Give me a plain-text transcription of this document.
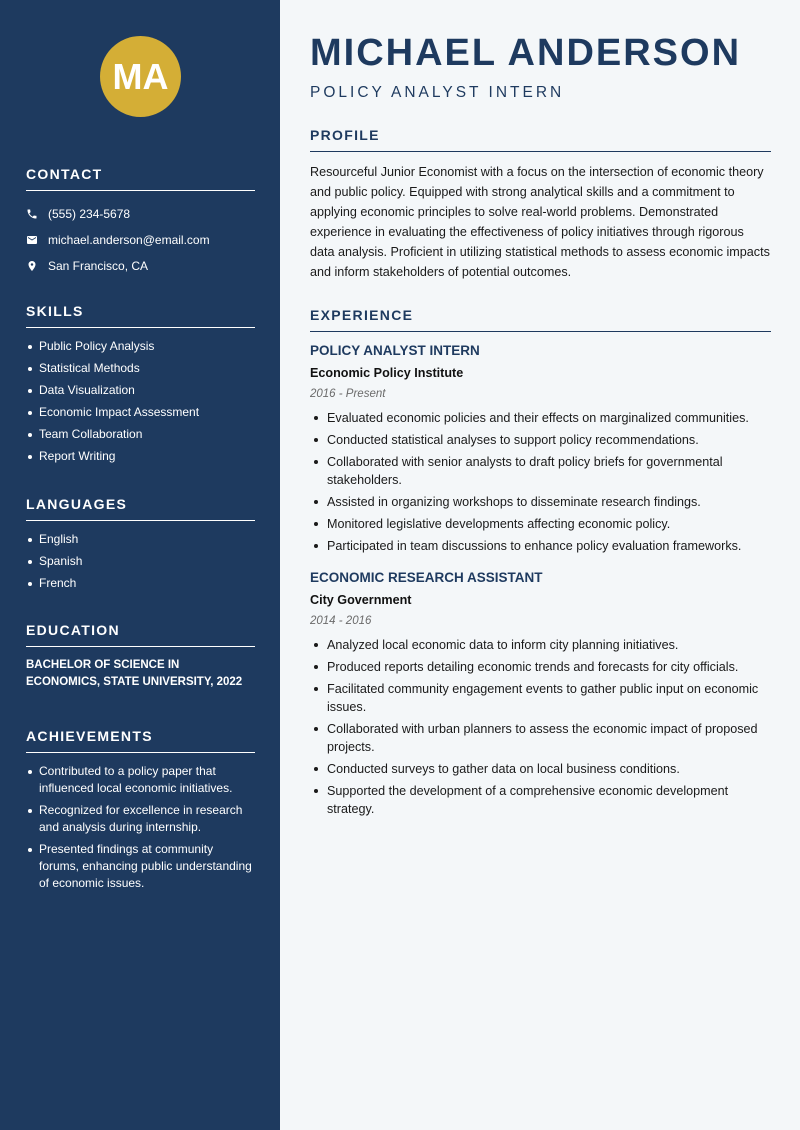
MA
CONTACT
(555) 234-5678
michael.anderson@email.com
San Francisco, CA
SKILLS
Public Policy Analysis
Statistical Methods
Data Visualization
Economic Impact Assessment
Team Collaboration
Report Writing
LANGUAGES
English
Spanish
French
EDUCATION

BACHELOR OF SCIENCE IN ECONOMICS, STATE UNIVERSITY, 2022

ACHIEVEMENTS
Contributed to a policy paper that influenced local economic initiatives.
Recognized for excellence in research and analysis during internship.
Presented findings at community forums, enhancing public understanding of economic issues.
MICHAEL ANDERSON
POLICY ANALYST INTERN
PROFILE

Resourceful Junior Economist with a focus on the intersection of economic theory and public policy. Equipped with strong analytical skills and a commitment to applying economic principles to solve real-world problems. Demonstrated experience in evaluating the effectiveness of policy initiatives through rigorous data analysis. Proficient in utilizing statistical methods to assess economic impacts and inform stakeholders of potential outcomes.

EXPERIENCE
POLICY ANALYST INTERN
Economic Policy Institute
2016 - Present
Evaluated economic policies and their effects on marginalized communities.
Conducted statistical analyses to support policy recommendations.
Collaborated with senior analysts to draft policy briefs for governmental stakeholders.
Assisted in organizing workshops to disseminate research findings.
Monitored legislative developments affecting economic policy.
Participated in team discussions to enhance policy evaluation frameworks.
ECONOMIC RESEARCH ASSISTANT
City Government
2014 - 2016
Analyzed local economic data to inform city planning initiatives.
Produced reports detailing economic trends and forecasts for city officials.
Facilitated community engagement events to gather public input on economic issues.
Collaborated with urban planners to assess the economic impact of proposed projects.
Conducted surveys to gather data on local business conditions.
Supported the development of a comprehensive economic development strategy.
